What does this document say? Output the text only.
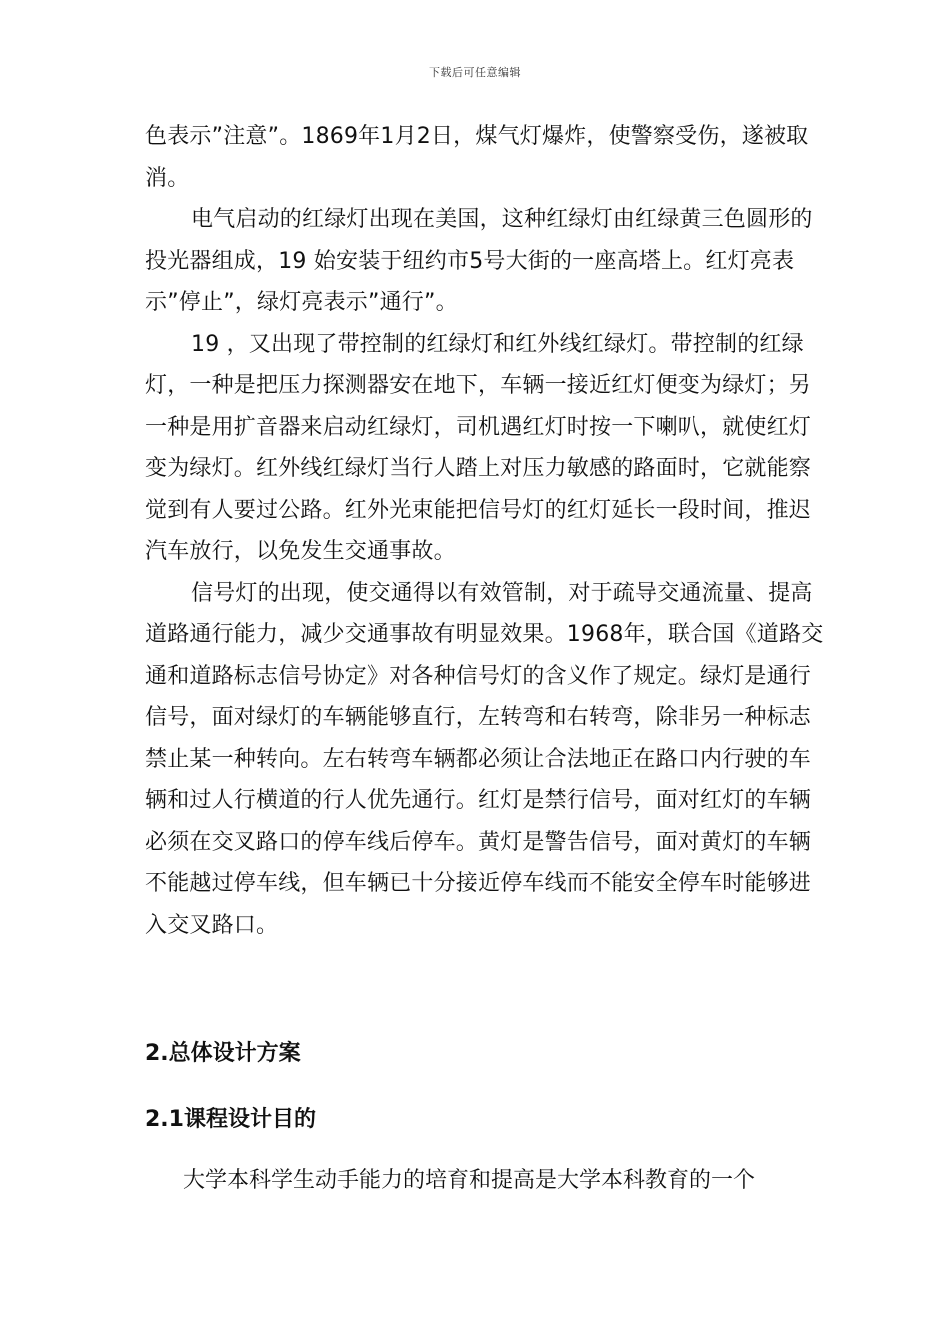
下载后可任意编辑

色表示”注意”。1869年1月2日，煤气灯爆炸，使警察受伤，遂被取消。

电气启动的红绿灯出现在美国，这种红绿灯由红绿黄三色圆形的投光器组成，19 始安装于纽约市5号大街的一座高塔上。红灯亮表示”停止”，绿灯亮表示”通行”。

19 ，又出现了带控制的红绿灯和红外线红绿灯。带控制的红绿灯，一种是把压力探测器安在地下，车辆一接近红灯便变为绿灯；另一种是用扩音器来启动红绿灯，司机遇红灯时按一下喇叭，就使红灯变为绿灯。红外线红绿灯当行人踏上对压力敏感的路面时，它就能察觉到有人要过公路。红外光束能把信号灯的红灯延长一段时间，推迟汽车放行，以免发生交通事故。

信号灯的出现，使交通得以有效管制，对于疏导交通流量、提高道路通行能力，减少交通事故有明显效果。1968年，联合国《道路交通和道路标志信号协定》对各种信号灯的含义作了规定。绿灯是通行信号，面对绿灯的车辆能够直行，左转弯和右转弯，除非另一种标志禁止某一种转向。左右转弯车辆都必须让合法地正在路口内行驶的车辆和过人行横道的行人优先通行。红灯是禁行信号，面对红灯的车辆必须在交叉路口的停车线后停车。黄灯是警告信号，面对黄灯的车辆不能越过停车线，但车辆已十分接近停车线而不能安全停车时能够进入交叉路口。

2.总体设计方案
2.1课程设计目的

大学本科学生动手能力的培育和提高是大学本科教育的一个
